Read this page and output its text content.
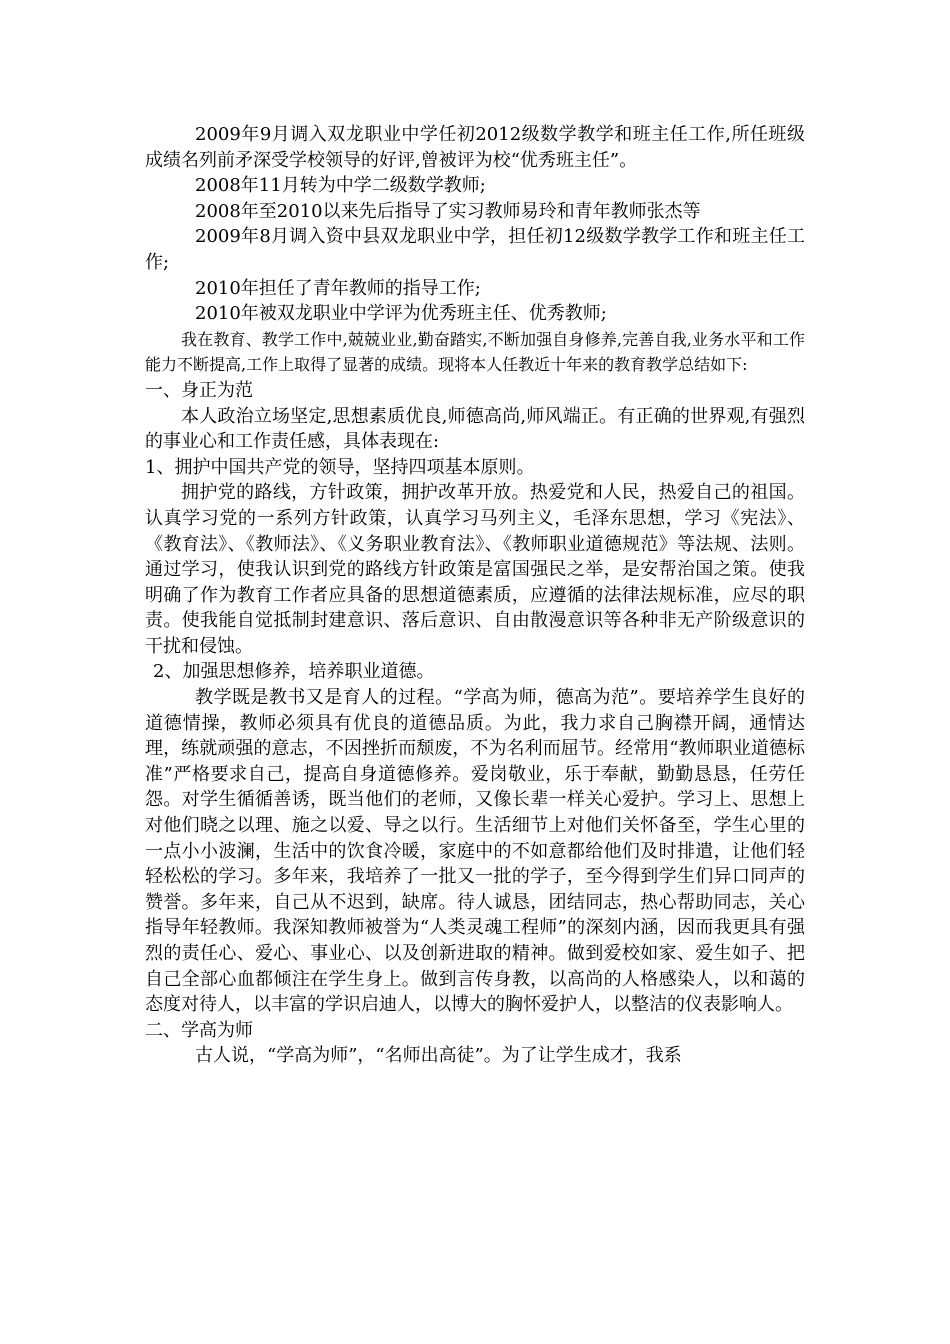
2009年9月调入双龙职业中学任初2012级数学教学和班主任工作,所任班级成绩名列前矛深受学校领导的好评,曾被评为校“优秀班主任”。

2008年11月转为中学二级数学教师;

2008年至2010以来先后指导了实习教师易玲和青年教师张杰等

2009年8月调入资中县双龙职业中学，担任初12级数学教学工作和班主任工作;

2010年担任了青年教师的指导工作;

2010年被双龙职业中学评为优秀班主任、优秀教师;

我在教育、教学工作中,兢兢业业,勤奋踏实,不断加强自身修养,完善自我,业务水平和工作能力不断提高,工作上取得了显著的成绩。现将本人任教近十年来的教育教学总结如下:

一、身正为范

本人政治立场坚定,思想素质优良,师德高尚,师风端正。有正确的世界观,有强烈的事业心和工作责任感，具体表现在:

1、拥护中国共产党的领导，坚持四项基本原则。

拥护党的路线，方针政策，拥护改革开放。热爱党和人民，热爱自己的祖国。认真学习党的一系列方针政策，认真学习马列主义，毛泽东思想，学习《宪法》、《教育法》、《教师法》、《义务职业教育法》、《教师职业道德规范》等法规、法则。通过学习，使我认识到党的路线方针政策是富国强民之举，是安帮治国之策。使我明确了作为教育工作者应具备的思想道德素质，应遵循的法律法规标准，应尽的职责。使我能自觉抵制封建意识、落后意识、自由散漫意识等各种非无产阶级意识的干扰和侵蚀。

2、加强思想修养，培养职业道德。

教学既是教书又是育人的过程。“学高为师，德高为范”。要培养学生良好的道德情操，教师必须具有优良的道德品质。为此，我力求自己胸襟开阔，通情达理，练就顽强的意志，不因挫折而颓废，不为名利而屈节。经常用“教师职业道德标准”严格要求自己，提高自身道德修养。爱岗敬业，乐于奉献，勤勤恳恳，任劳任怨。对学生循循善诱，既当他们的老师，又像长辈一样关心爱护。学习上、思想上对他们晓之以理、施之以爱、导之以行。生活细节上对他们关怀备至，学生心里的一点小小波澜，生活中的饮食冷暖，家庭中的不如意都给他们及时排遣，让他们轻轻松松的学习。多年来，我培养了一批又一批的学子，至今得到学生们异口同声的赞誉。多年来，自己从不迟到，缺席。待人诚恳，团结同志，热心帮助同志，关心指导年轻教师。我深知教师被誉为“人类灵魂工程师”的深刻内涵，因而我更具有强烈的责任心、爱心、事业心、以及创新进取的精神。做到爱校如家、爱生如子、把自己全部心血都倾注在学生身上。做到言传身教，以高尚的人格感染人，以和蔼的态度对待人，以丰富的学识启迪人，以博大的胸怀爱护人，以整洁的仪表影响人。

二、学高为师

古人说，“学高为师”，“名师出高徒”。为了让学生成才，我系
